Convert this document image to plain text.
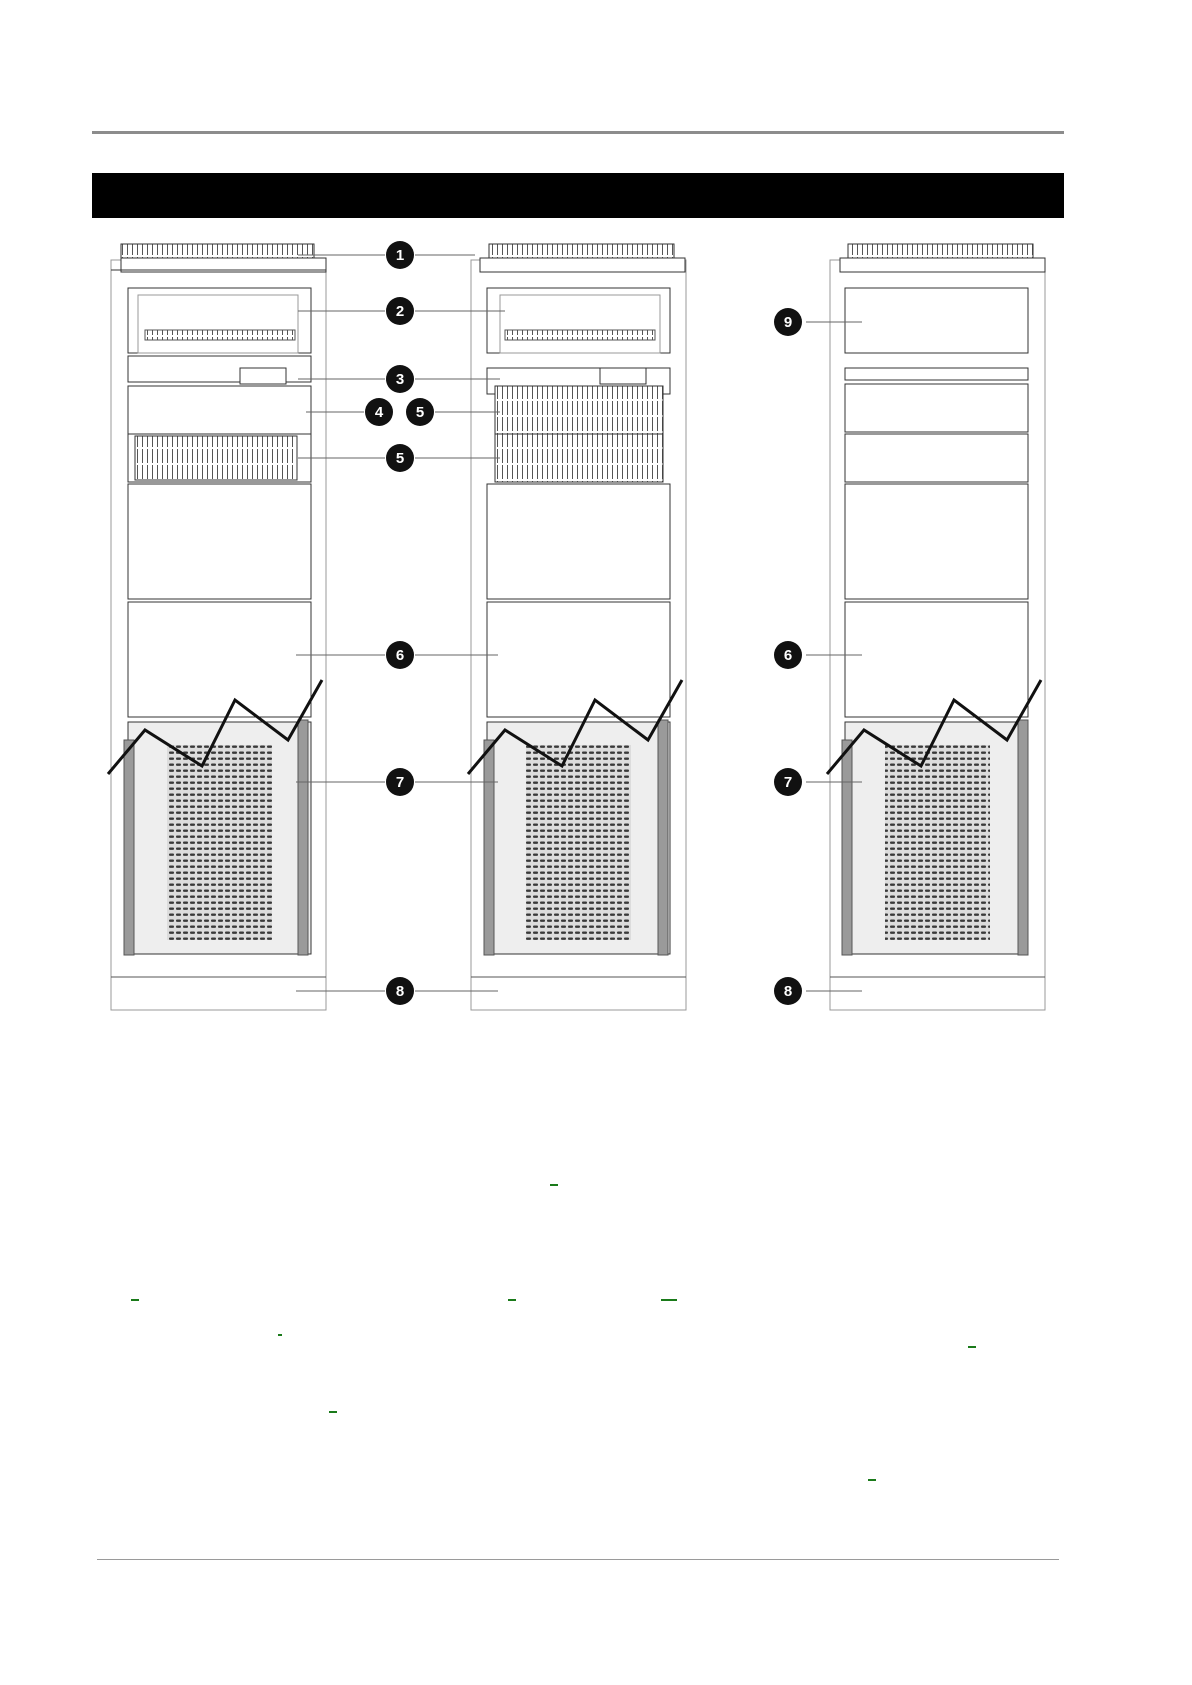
1
2
3
4 5
5
6	6
7	7
8	8
9
